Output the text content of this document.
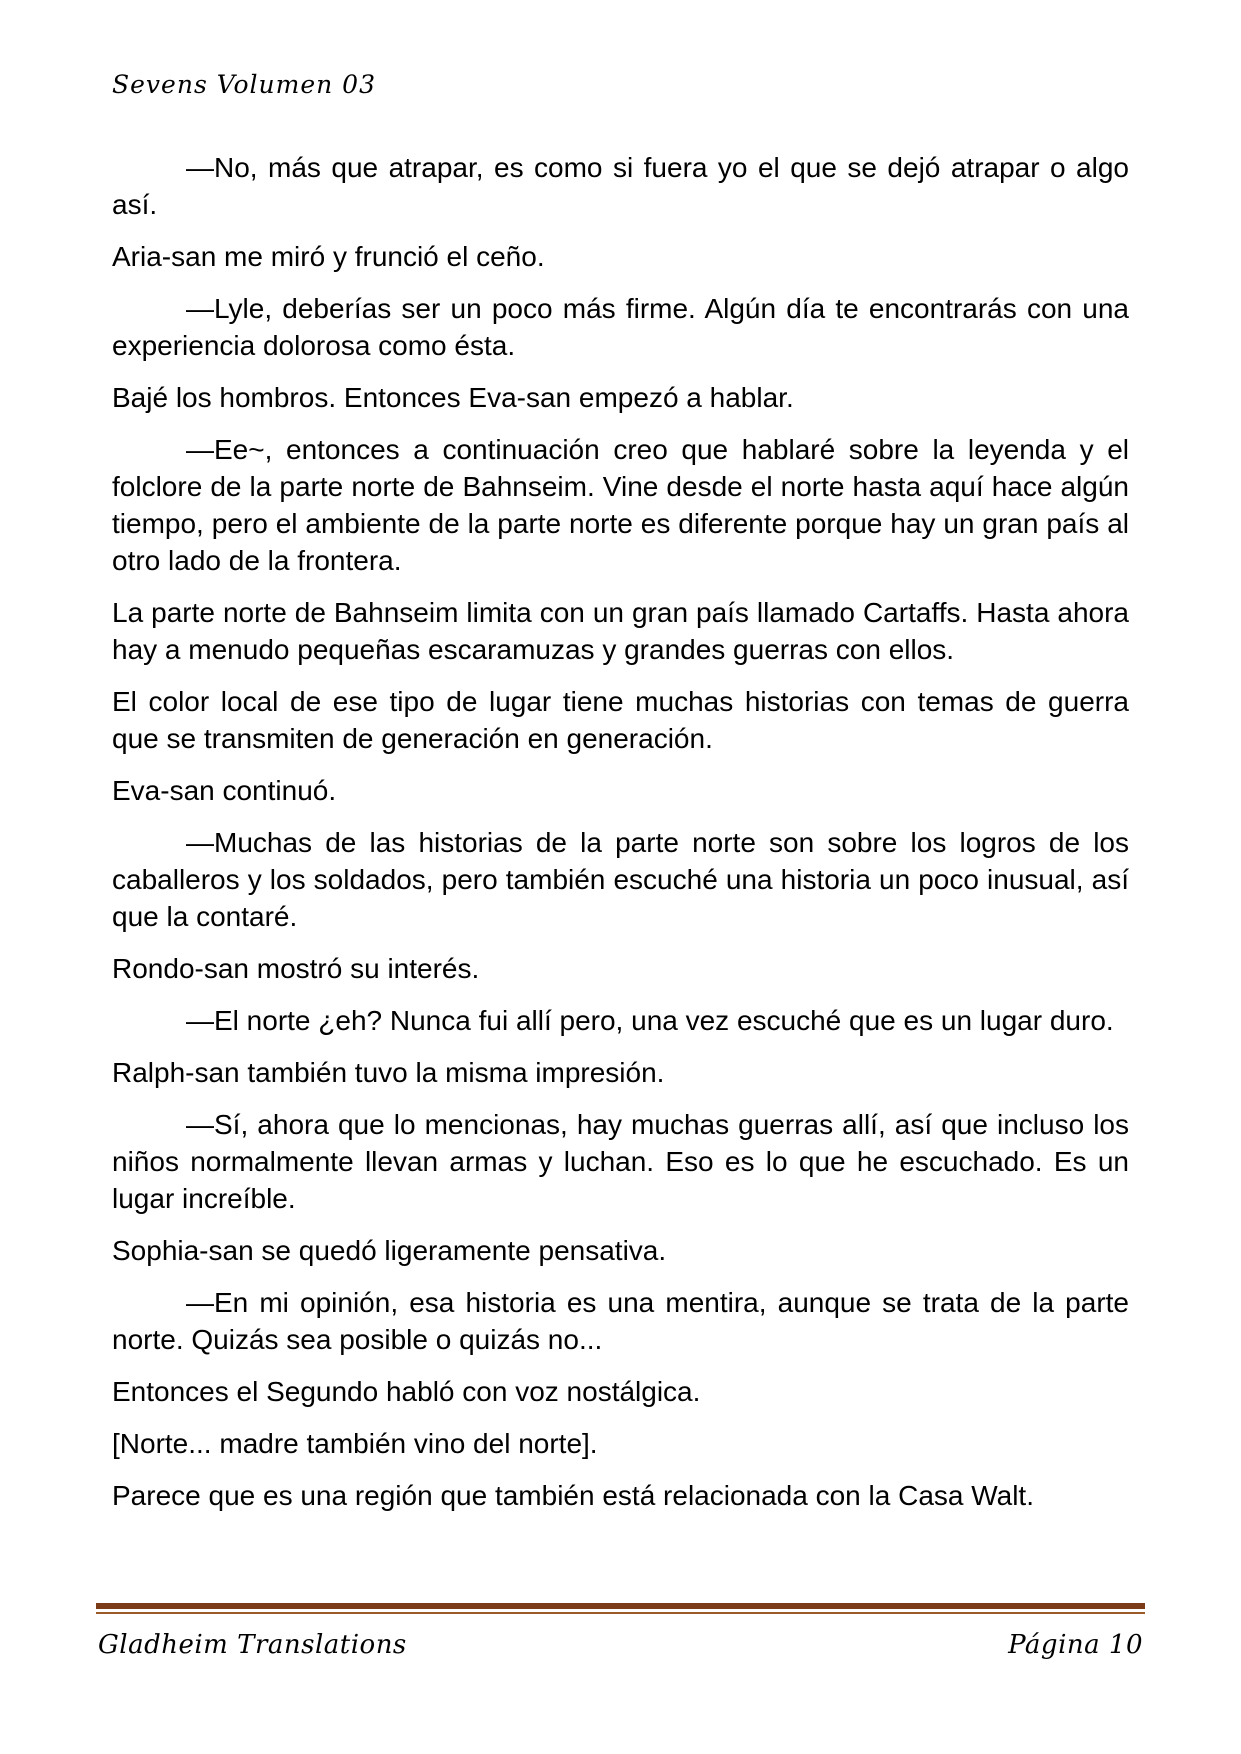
Sevens Volumen 03

—No, más que atrapar, es como si fuera yo el que se dejó atrapar o algo así.

Aria-san me miró y frunció el ceño.

—Lyle, deberías ser un poco más firme. Algún día te encontrarás con una experiencia dolorosa como ésta.

Bajé los hombros. Entonces Eva-san empezó a hablar.

—Ee~, entonces a continuación creo que hablaré sobre la leyenda y el folclore de la parte norte de Bahnseim. Vine desde el norte hasta aquí hace algún tiempo, pero el ambiente de la parte norte es diferente porque hay un gran país al otro lado de la frontera.

La parte norte de Bahnseim limita con un gran país llamado Cartaffs. Hasta ahora hay a menudo pequeñas escaramuzas y grandes guerras con ellos.

El color local de ese tipo de lugar tiene muchas historias con temas de guerra que se transmiten de generación en generación.

Eva-san continuó.

—Muchas de las historias de la parte norte son sobre los logros de los caballeros y los soldados, pero también escuché una historia un poco inusual, así que la contaré.

Rondo-san mostró su interés.

—El norte ¿eh? Nunca fui allí pero, una vez escuché que es un lugar duro.

Ralph-san también tuvo la misma impresión.

—Sí, ahora que lo mencionas, hay muchas guerras allí, así que incluso los niños normalmente llevan armas y luchan. Eso es lo que he escuchado. Es un lugar increíble.

Sophia-san se quedó ligeramente pensativa.

—En mi opinión, esa historia es una mentira, aunque se trata de la parte norte. Quizás sea posible o quizás no...

Entonces el Segundo habló con voz nostálgica.

[Norte... madre también vino del norte].

Parece que es una región que también está relacionada con la Casa Walt.

Gladheim Translations	Página 10
